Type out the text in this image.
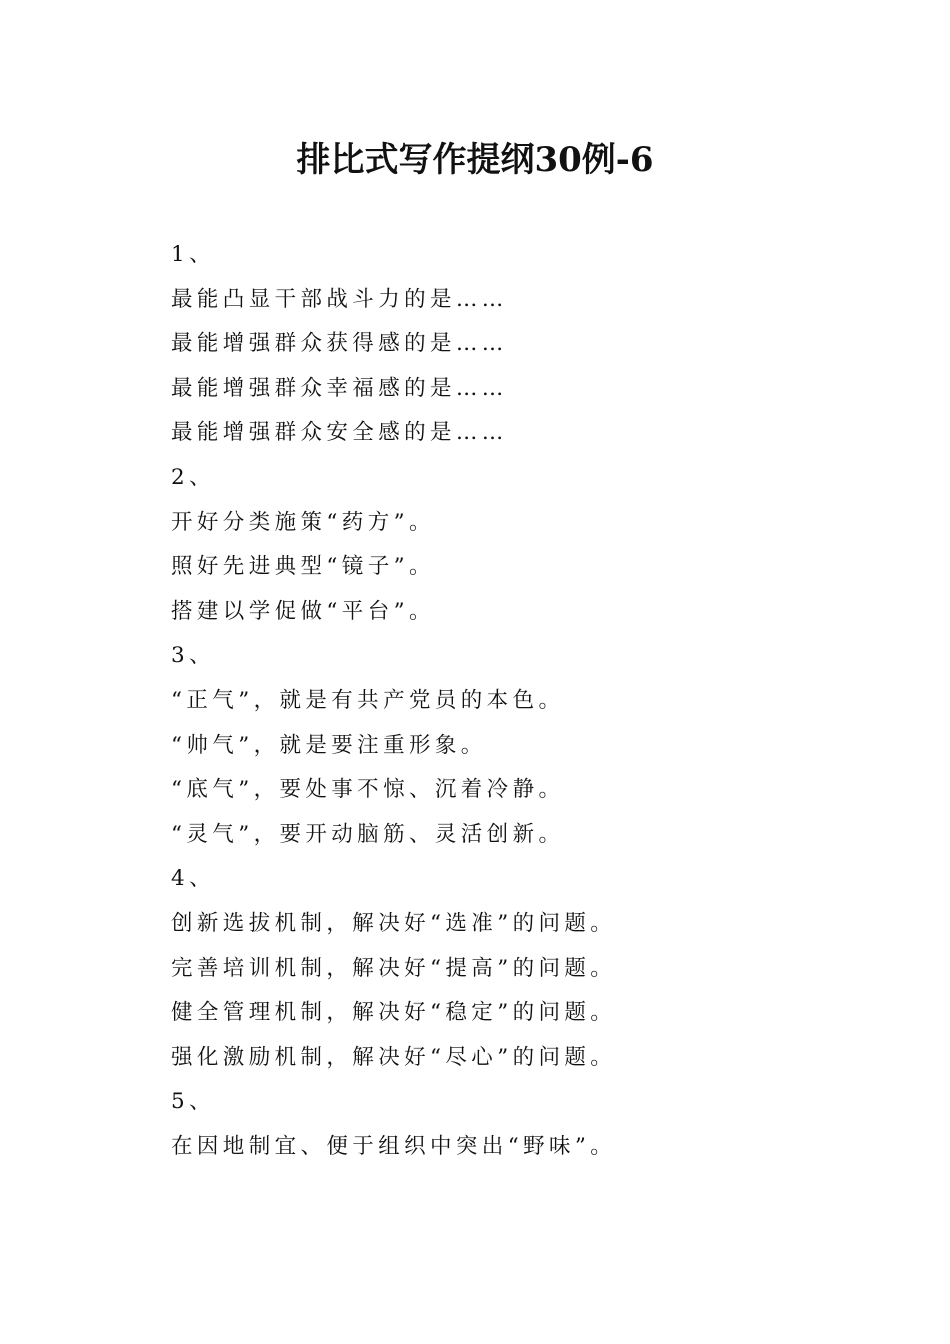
排比式写作提纲30例-6
1、
最能凸显干部战斗力的是……
最能增强群众获得感的是……
最能增强群众幸福感的是……
最能增强群众安全感的是……
2、
开好分类施策“药方”。
照好先进典型“镜子”。
搭建以学促做“平台”。
3、
“正气”，就是有共产党员的本色。
“帅气”，就是要注重形象。
“底气”，要处事不惊、沉着冷静。
“灵气”，要开动脑筋、灵活创新。
4、
创新选拔机制，解决好“选准”的问题。
完善培训机制，解决好“提高”的问题。
健全管理机制，解决好“稳定”的问题。
强化激励机制，解决好“尽心”的问题。
5、
在因地制宜、便于组织中突出“野味”。
